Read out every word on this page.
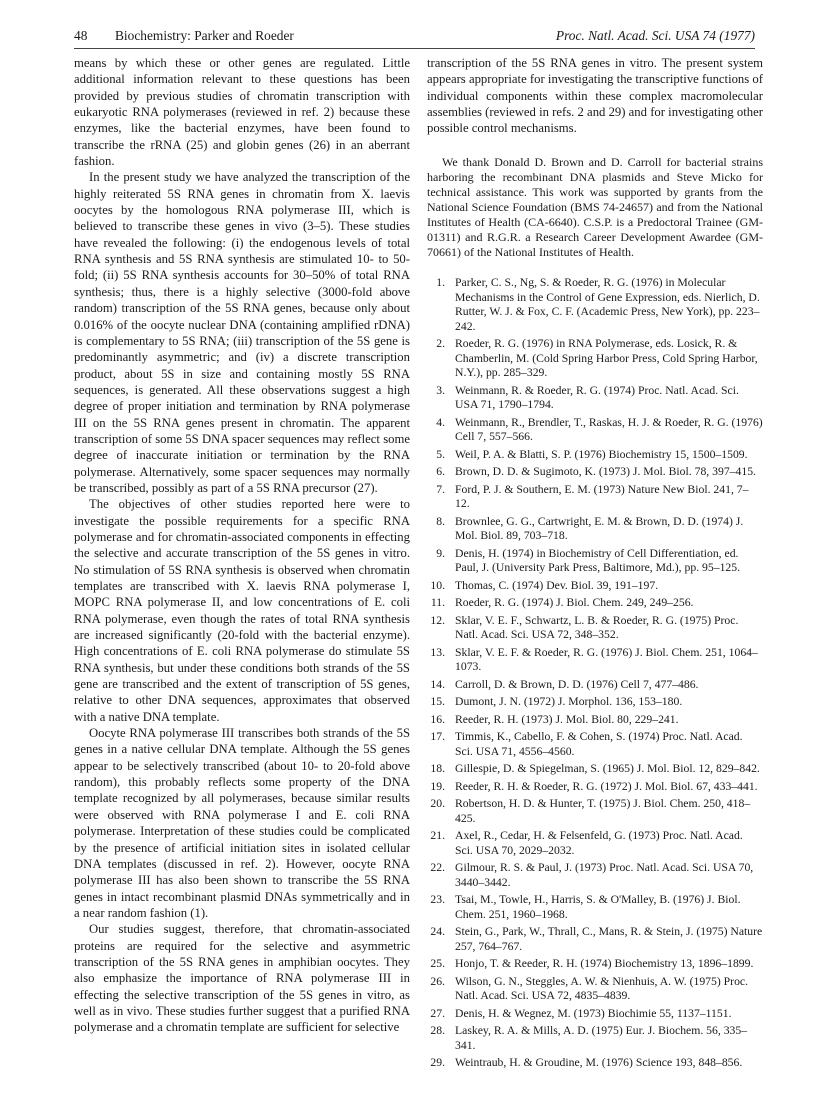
48 Biochemistry: Parker and Roeder	Proc. Natl. Acad. Sci. USA 74 (1977)

means by which these or other genes are regulated. Little additional information relevant to these questions has been provided by previous studies of chromatin transcription with eukaryotic RNA polymerases (reviewed in ref. 2) because these enzymes, like the bacterial enzymes, have been found to transcribe the rRNA (25) and globin genes (26) in an aberrant fashion.

In the present study we have analyzed the transcription of the highly reiterated 5S RNA genes in chromatin from X. laevis oocytes by the homologous RNA polymerase III, which is believed to transcribe these genes in vivo (3–5). These studies have revealed the following: (i) the endogenous levels of total RNA synthesis and 5S RNA synthesis are stimulated 10- to 50-fold; (ii) 5S RNA synthesis accounts for 30–50% of total RNA synthesis; thus, there is a highly selective (3000-fold above random) transcription of the 5S RNA genes, because only about 0.016% of the oocyte nuclear DNA (containing amplified rDNA) is complementary to 5S RNA; (iii) transcription of the 5S gene is predominantly asymmetric; and (iv) a discrete transcription product, about 5S in size and containing mostly 5S RNA sequences, is generated. All these observations suggest a high degree of proper initiation and termination by RNA polymerase III on the 5S RNA genes present in chromatin. The apparent transcription of some 5S DNA spacer sequences may reflect some degree of inaccurate initiation or termination by the RNA polymerase. Alternatively, some spacer sequences may normally be transcribed, possibly as part of a 5S RNA precursor (27).

The objectives of other studies reported here were to investigate the possible requirements for a specific RNA polymerase and for chromatin-associated components in effecting the selective and accurate transcription of the 5S genes in vitro. No stimulation of 5S RNA synthesis is observed when chromatin templates are transcribed with X. laevis RNA polymerase I, MOPC RNA polymerase II, and low concentrations of E. coli RNA polymerase, even though the rates of total RNA synthesis are increased significantly (20-fold with the bacterial enzyme). High concentrations of E. coli RNA polymerase do stimulate 5S RNA synthesis, but under these conditions both strands of the 5S gene are transcribed and the extent of transcription of 5S genes, relative to other DNA sequences, approximates that observed with a native DNA template.

Oocyte RNA polymerase III transcribes both strands of the 5S genes in a native cellular DNA template. Although the 5S genes appear to be selectively transcribed (about 10- to 20-fold above random), this probably reflects some property of the DNA template recognized by all polymerases, because similar results were observed with RNA polymerase I and E. coli RNA polymerase. Interpretation of these studies could be complicated by the presence of artificial initiation sites in isolated cellular DNA templates (discussed in ref. 2). However, oocyte RNA polymerase III has also been shown to transcribe the 5S RNA genes in intact recombinant plasmid DNAs symmetrically and in a near random fashion (1).

Our studies suggest, therefore, that chromatin-associated proteins are required for the selective and asymmetric transcription of the 5S RNA genes in amphibian oocytes. They also emphasize the importance of RNA polymerase III in effecting the selective transcription of the 5S genes in vitro, as well as in vivo. These studies further suggest that a purified RNA polymerase and a chromatin template are sufficient for selective

transcription of the 5S RNA genes in vitro. The present system appears appropriate for investigating the transcriptive functions of individual components within these complex macromolecular assemblies (reviewed in refs. 2 and 29) and for investigating other possible control mechanisms.

We thank Donald D. Brown and D. Carroll for bacterial strains harboring the recombinant DNA plasmids and Steve Micko for technical assistance. This work was supported by grants from the National Science Foundation (BMS 74-24657) and from the National Institutes of Health (CA-6640). C.S.P. is a Predoctoral Trainee (GM-01311) and R.G.R. a Research Career Development Awardee (GM-70661) of the National Institutes of Health.

1. Parker, C. S., Ng, S. & Roeder, R. G. (1976) in Molecular Mechanisms in the Control of Gene Expression, eds. Nierlich, D. Rutter, W. J. & Fox, C. F. (Academic Press, New York), pp. 223–242.
2. Roeder, R. G. (1976) in RNA Polymerase, eds. Losick, R. & Chamberlin, M. (Cold Spring Harbor Press, Cold Spring Harbor, N.Y.), pp. 285–329.
3. Weinmann, R. & Roeder, R. G. (1974) Proc. Natl. Acad. Sci. USA 71, 1790–1794.
4. Weinmann, R., Brendler, T., Raskas, H. J. & Roeder, R. G. (1976) Cell 7, 557–566.
5. Weil, P. A. & Blatti, S. P. (1976) Biochemistry 15, 1500–1509.
6. Brown, D. D. & Sugimoto, K. (1973) J. Mol. Biol. 78, 397–415.
7. Ford, P. J. & Southern, E. M. (1973) Nature New Biol. 241, 7–12.
8. Brownlee, G. G., Cartwright, E. M. & Brown, D. D. (1974) J. Mol. Biol. 89, 703–718.
9. Denis, H. (1974) in Biochemistry of Cell Differentiation, ed. Paul, J. (University Park Press, Baltimore, Md.), pp. 95–125.
10. Thomas, C. (1974) Dev. Biol. 39, 191–197.
11. Roeder, R. G. (1974) J. Biol. Chem. 249, 249–256.
12. Sklar, V. E. F., Schwartz, L. B. & Roeder, R. G. (1975) Proc. Natl. Acad. Sci. USA 72, 348–352.
13. Sklar, V. E. F. & Roeder, R. G. (1976) J. Biol. Chem. 251, 1064–1073.
14. Carroll, D. & Brown, D. D. (1976) Cell 7, 477–486.
15. Dumont, J. N. (1972) J. Morphol. 136, 153–180.
16. Reeder, R. H. (1973) J. Mol. Biol. 80, 229–241.
17. Timmis, K., Cabello, F. & Cohen, S. (1974) Proc. Natl. Acad. Sci. USA 71, 4556–4560.
18. Gillespie, D. & Spiegelman, S. (1965) J. Mol. Biol. 12, 829–842.
19. Reeder, R. H. & Roeder, R. G. (1972) J. Mol. Biol. 67, 433–441.
20. Robertson, H. D. & Hunter, T. (1975) J. Biol. Chem. 250, 418–425.
21. Axel, R., Cedar, H. & Felsenfeld, G. (1973) Proc. Natl. Acad. Sci. USA 70, 2029–2032.
22. Gilmour, R. S. & Paul, J. (1973) Proc. Natl. Acad. Sci. USA 70, 3440–3442.
23. Tsai, M., Towle, H., Harris, S. & O'Malley, B. (1976) J. Biol. Chem. 251, 1960–1968.
24. Stein, G., Park, W., Thrall, C., Mans, R. & Stein, J. (1975) Nature 257, 764–767.
25. Honjo, T. & Reeder, R. H. (1974) Biochemistry 13, 1896–1899.
26. Wilson, G. N., Steggles, A. W. & Nienhuis, A. W. (1975) Proc. Natl. Acad. Sci. USA 72, 4835–4839.
27. Denis, H. & Wegnez, M. (1973) Biochimie 55, 1137–1151.
28. Laskey, R. A. & Mills, A. D. (1975) Eur. J. Biochem. 56, 335–341.
29. Weintraub, H. & Groudine, M. (1976) Science 193, 848–856.
